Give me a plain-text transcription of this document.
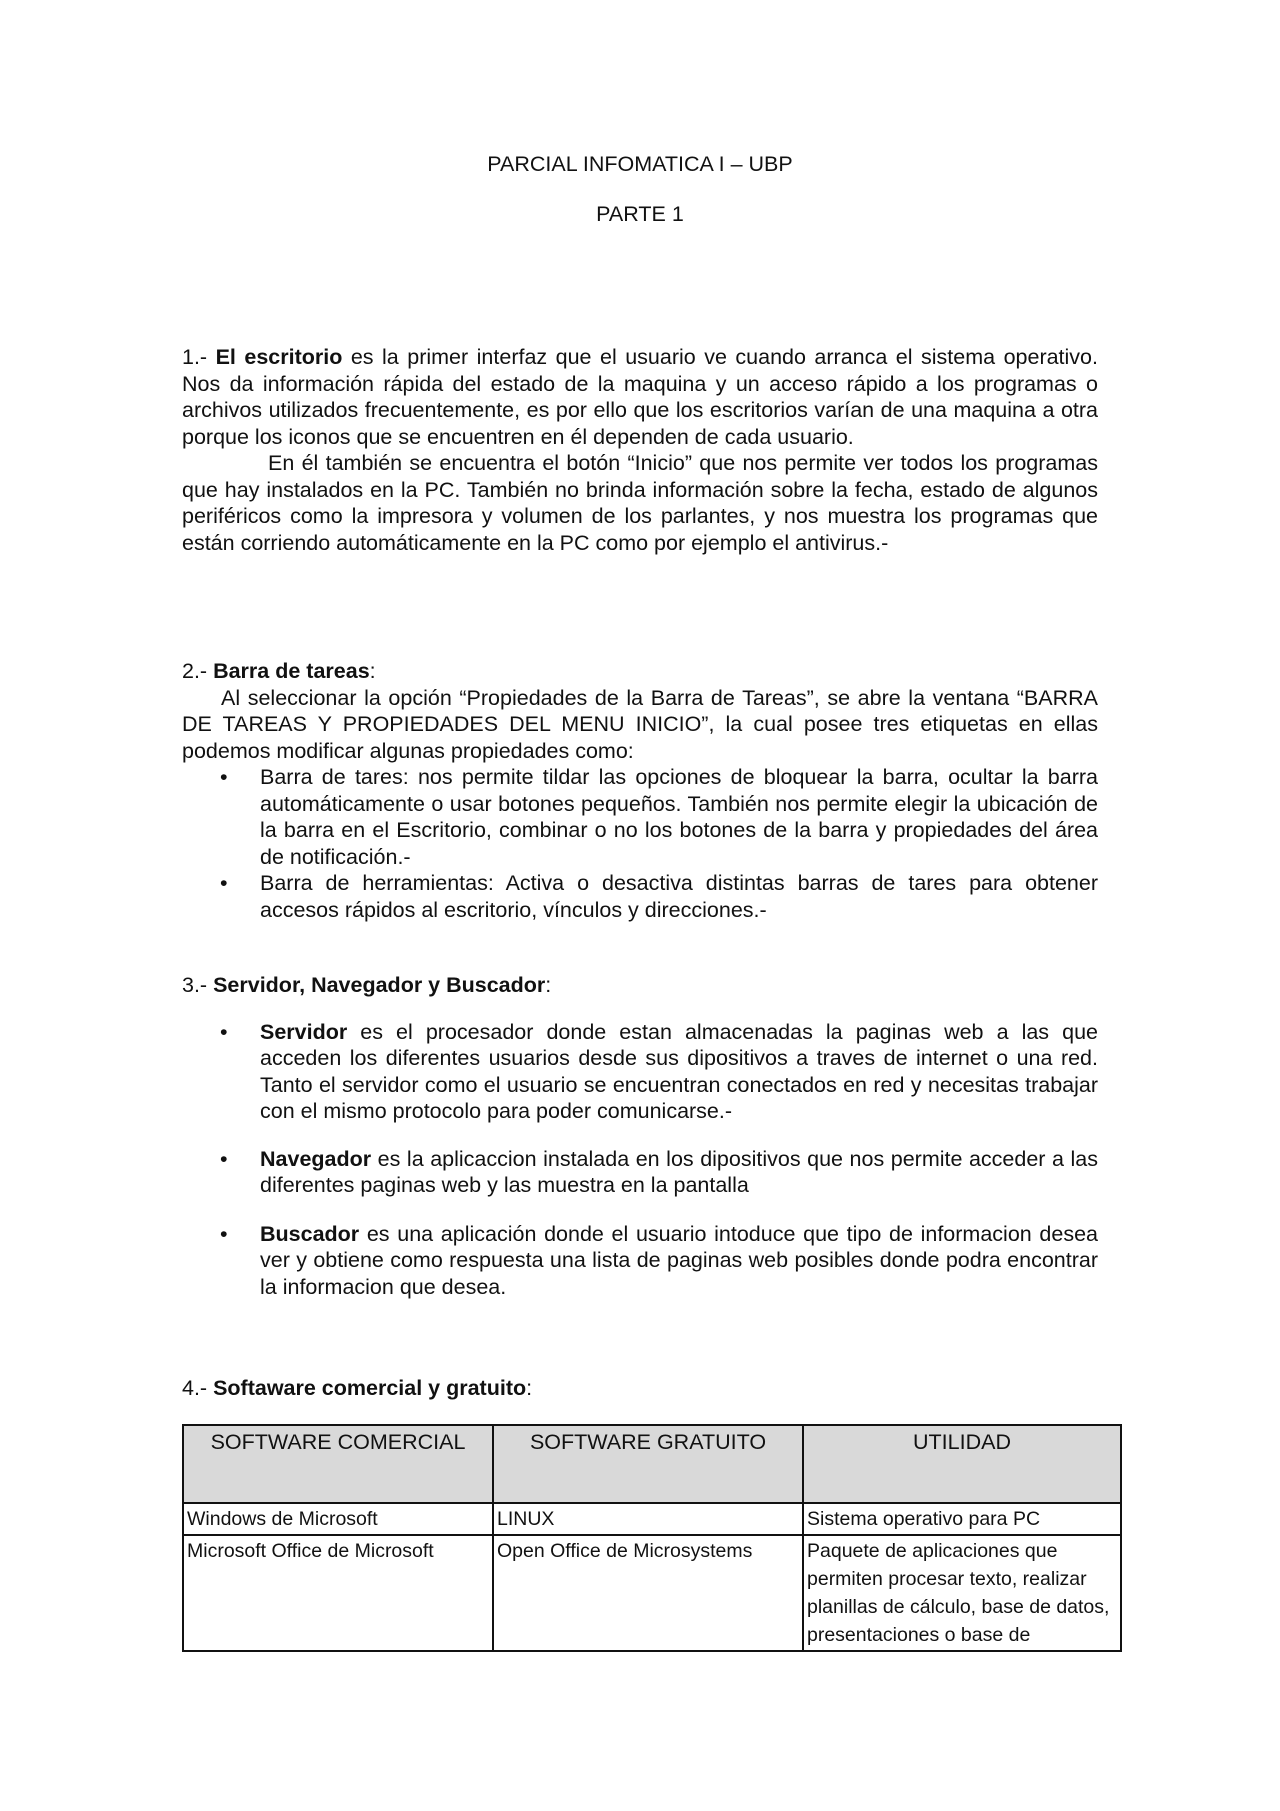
PARCIAL INFOMATICA I – UBP
PARTE 1

1.- El escritorio es la primer interfaz que el usuario ve cuando arranca el sistema operativo. Nos da información rápida del estado de la maquina y un acceso rápido a los programas o archivos utilizados frecuentemente, es por ello que los escritorios varían de una maquina a otra porque los iconos que se encuentren en él dependen de cada usuario.

En él también se encuentra el botón “Inicio” que nos permite ver todos los programas que hay instalados en la PC. También no brinda información sobre la fecha, estado de algunos periféricos como la impresora y volumen de los parlantes, y nos muestra los programas que están corriendo automáticamente en la PC como por ejemplo el antivirus.-

2.- Barra de tareas:

Al seleccionar la opción “Propiedades de la Barra de Tareas”, se abre la ventana “BARRA DE TAREAS Y PROPIEDADES DEL MENU INICIO”, la cual posee tres etiquetas en ellas podemos modificar algunas propiedades como:

• Barra de tares: nos permite tildar las opciones de bloquear la barra, ocultar la barra automáticamente o usar botones pequeños. También nos permite elegir la ubicación de la barra en el Escritorio, combinar o no los botones de la barra y propiedades del área de notificación.-
• Barra de herramientas: Activa o desactiva distintas barras de tares para obtener accesos rápidos al escritorio, vínculos y direcciones.-

3.- Servidor, Navegador y Buscador:

• Servidor es el procesador donde estan almacenadas la paginas web a las que acceden los diferentes usuarios desde sus dipositivos a traves de internet o una red. Tanto el servidor como el usuario se encuentran conectados en red y necesitas trabajar con el mismo protocolo para poder comunicarse.-
• Navegador es la aplicaccion instalada en los dipositivos que nos permite acceder a las diferentes paginas web y las muestra en la pantalla
• Buscador es una aplicación donde el usuario intoduce que tipo de informacion desea ver y obtiene como respuesta una lista de paginas web posibles donde podra encontrar la informacion que desea.

4.- Softaware comercial y gratuito:

SOFTWARE COMERCIAL	SOFTWARE GRATUITO	UTILIDAD
Windows de Microsoft	LINUX	Sistema operativo para PC
Microsoft Office de Microsoft	Open Office de Microsystems	Paquete de aplicaciones que permiten procesar texto, realizar planillas de cálculo, base de datos, presentaciones o base de
